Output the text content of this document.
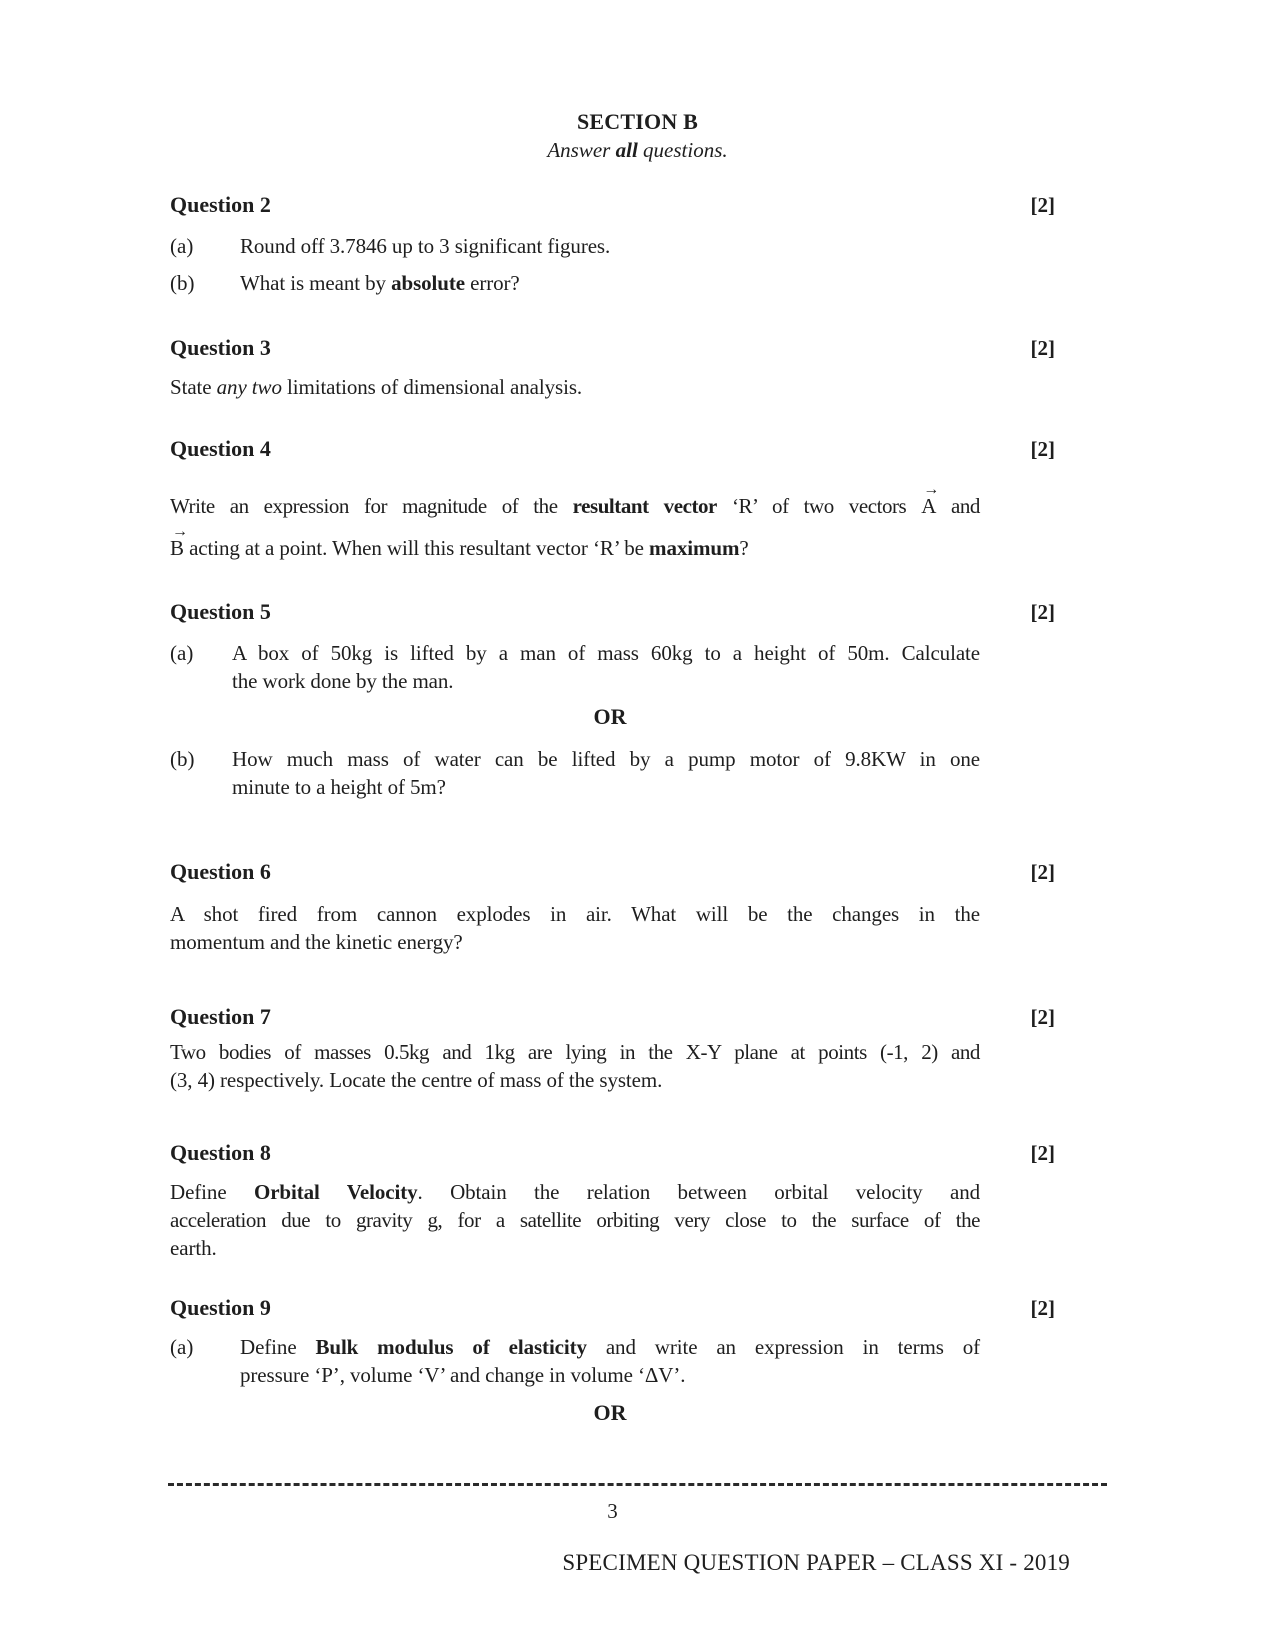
SECTION B
Answer all questions.
Question 2	[2]
(a)	Round off 3.7846 up to 3 significant figures.
(b)	What is meant by absolute error?
Question 3	[2]
State any two limitations of dimensional analysis.
Question 4	[2]
Write an expression for magnitude of the resultant vector ‘R’ of two vectors → A and
→ B acting at a point. When will this resultant vector ‘R’ be maximum?
Question 5	[2]
(a)	A box of 50kg is lifted by a man of mass 60kg to a height of 50m. Calculate
the work done by the man.
OR
(b)	How much mass of water can be lifted by a pump motor of 9.8KW in one
minute to a height of 5m?
Question 6	[2]
A shot fired from cannon explodes in air. What will be the changes in the
momentum and the kinetic energy?
Question 7	[2]
Two bodies of masses 0.5kg and 1kg are lying in the X-Y plane at points (-1, 2) and
(3, 4) respectively. Locate the centre of mass of the system.
Question 8	[2]
Define Orbital Velocity. Obtain the relation between orbital velocity and
acceleration due to gravity g, for a satellite orbiting very close to the surface of the
earth.
Question 9	[2]
(a)	Define Bulk modulus of elasticity and write an expression in terms of
pressure ‘P’, volume ‘V’ and change in volume ‘ΔV’.
OR
3
SPECIMEN QUESTION PAPER – CLASS XI - 2019
